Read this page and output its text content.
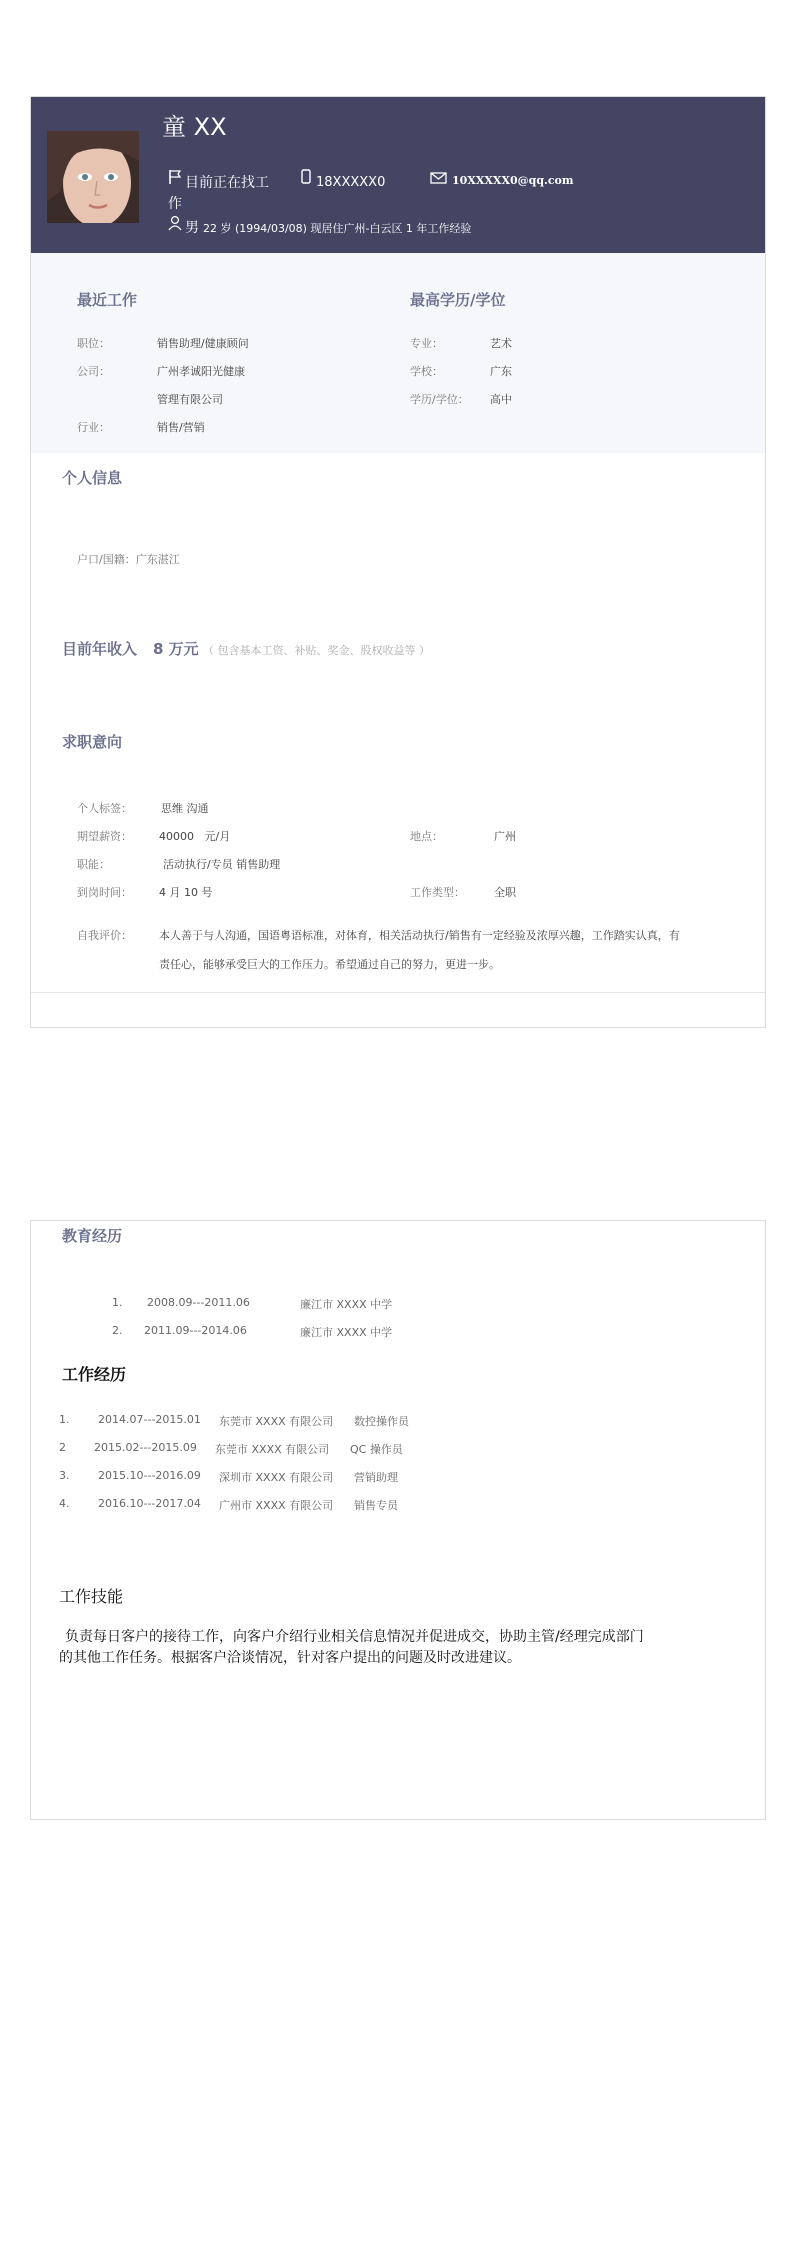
童 XX
目前正在找工
作
18XXXXX0	10XXXXX0@qq.com
男 22 岁 (1994/03/08) 现居住广州-白云区 1 年工作经验
最近工作
职位：	销售助理/健康顾问
公司：	广州孝诚阳光健康
管理有限公司
行业：	销售/营销
最高学历/学位
专业：	艺术
学校：	广东
学历/学位： 高中
个人信息
户口/国籍：广东湛江
目前年收入 8 万元 （ 包含基本工资、补贴、奖金、股权收益等 ）
求职意向
个人标签：	思维 沟通
期望薪资： 40000   元/月	地点：	广州
职能：	活动执行/专员 销售助理
到岗时间： 4 月 10 号	工作类型：	全职
自我评价： 本人善于与人沟通，国语粤语标准，对体育，相关活动执行/销售有一定经验及浓厚兴趣，工作踏实认真，有
责任心，能够承受巨大的工作压力。希望通过自己的努力，更进一步。
教育经历
1. 2008.09---2011.06	廉江市 XXXX 中学
2. 2011.09---2014.06	廉江市 XXXX 中学
工作经历
1.	2014.07---2015.01 东莞市 XXXX 有限公司 数控操作员
2	2015.02---2015.09 东莞市 XXXX 有限公司 QC 操作员
3.	2015.10---2016.09 深圳市 XXXX 有限公司 营销助理
4.	2016.10---2017.04 广州市 XXXX 有限公司 销售专员
工作技能
负责每日客户的接待工作，向客户介绍行业相关信息情况并促进成交，协助主管/经理完成部门
的其他工作任务。根据客户洽谈情况，针对客户提出的问题及时改进建议。
